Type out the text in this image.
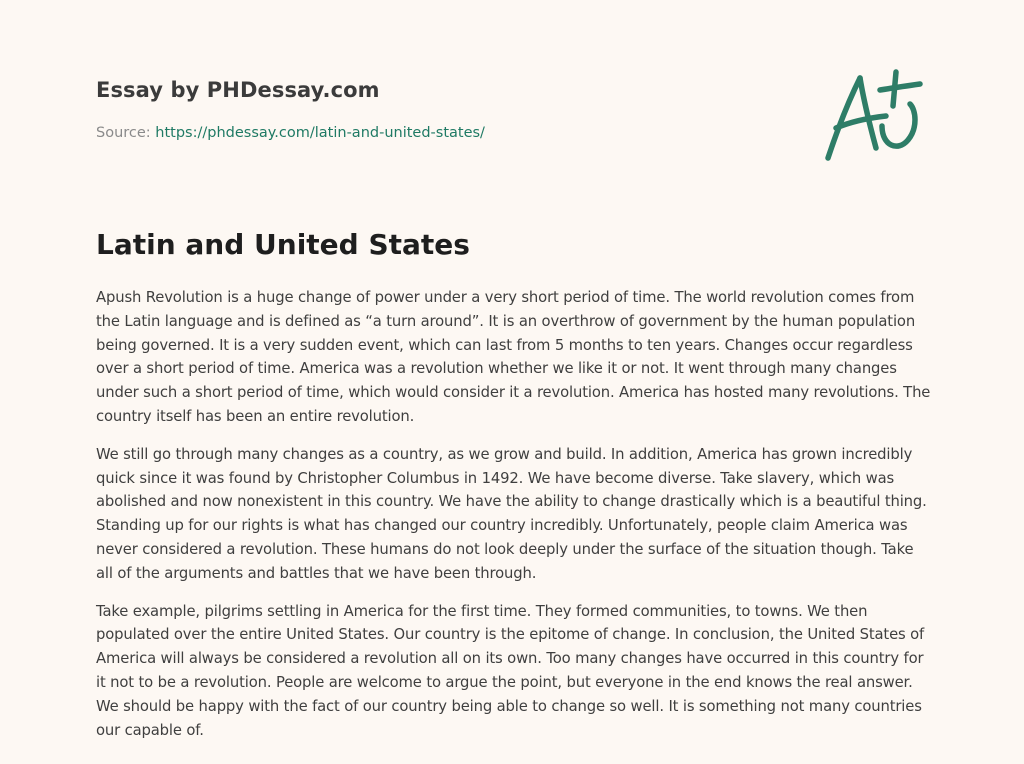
Essay by PHDessay.com
Source: https://phdessay.com/latin-and-united-states/
Latin and United States

Apush Revolution is a huge change of power under a very short period of time. The world revolution comes from the Latin language and is defined as “a turn around”. It is an overthrow of government by the human population being governed. It is a very sudden event, which can last from 5 months to ten years. Changes occur regardless over a short period of time. America was a revolution whether we like it or not. It went through many changes under such a short period of time, which would consider it a revolution. America has hosted many revolutions. The country itself has been an entire revolution.

We still go through many changes as a country, as we grow and build. In addition, America has grown incredibly quick since it was found by Christopher Columbus in 1492. We have become diverse. Take slavery, which was abolished and now nonexistent in this country. We have the ability to change drastically which is a beautiful thing. Standing up for our rights is what has changed our country incredibly. Unfortunately, people claim America was never considered a revolution. These humans do not look deeply under the surface of the situation though. Take all of the arguments and battles that we have been through.

Take example, pilgrims settling in America for the first time. They formed communities, to towns. We then populated over the entire United States. Our country is the epitome of change. In conclusion, the United States of America will always be considered a revolution all on its own. Too many changes have occurred in this country for it not to be a revolution. People are welcome to argue the point, but everyone in the end knows the real answer. We should be happy with the fact of our country being able to change so well. It is something not many countries our capable of.
